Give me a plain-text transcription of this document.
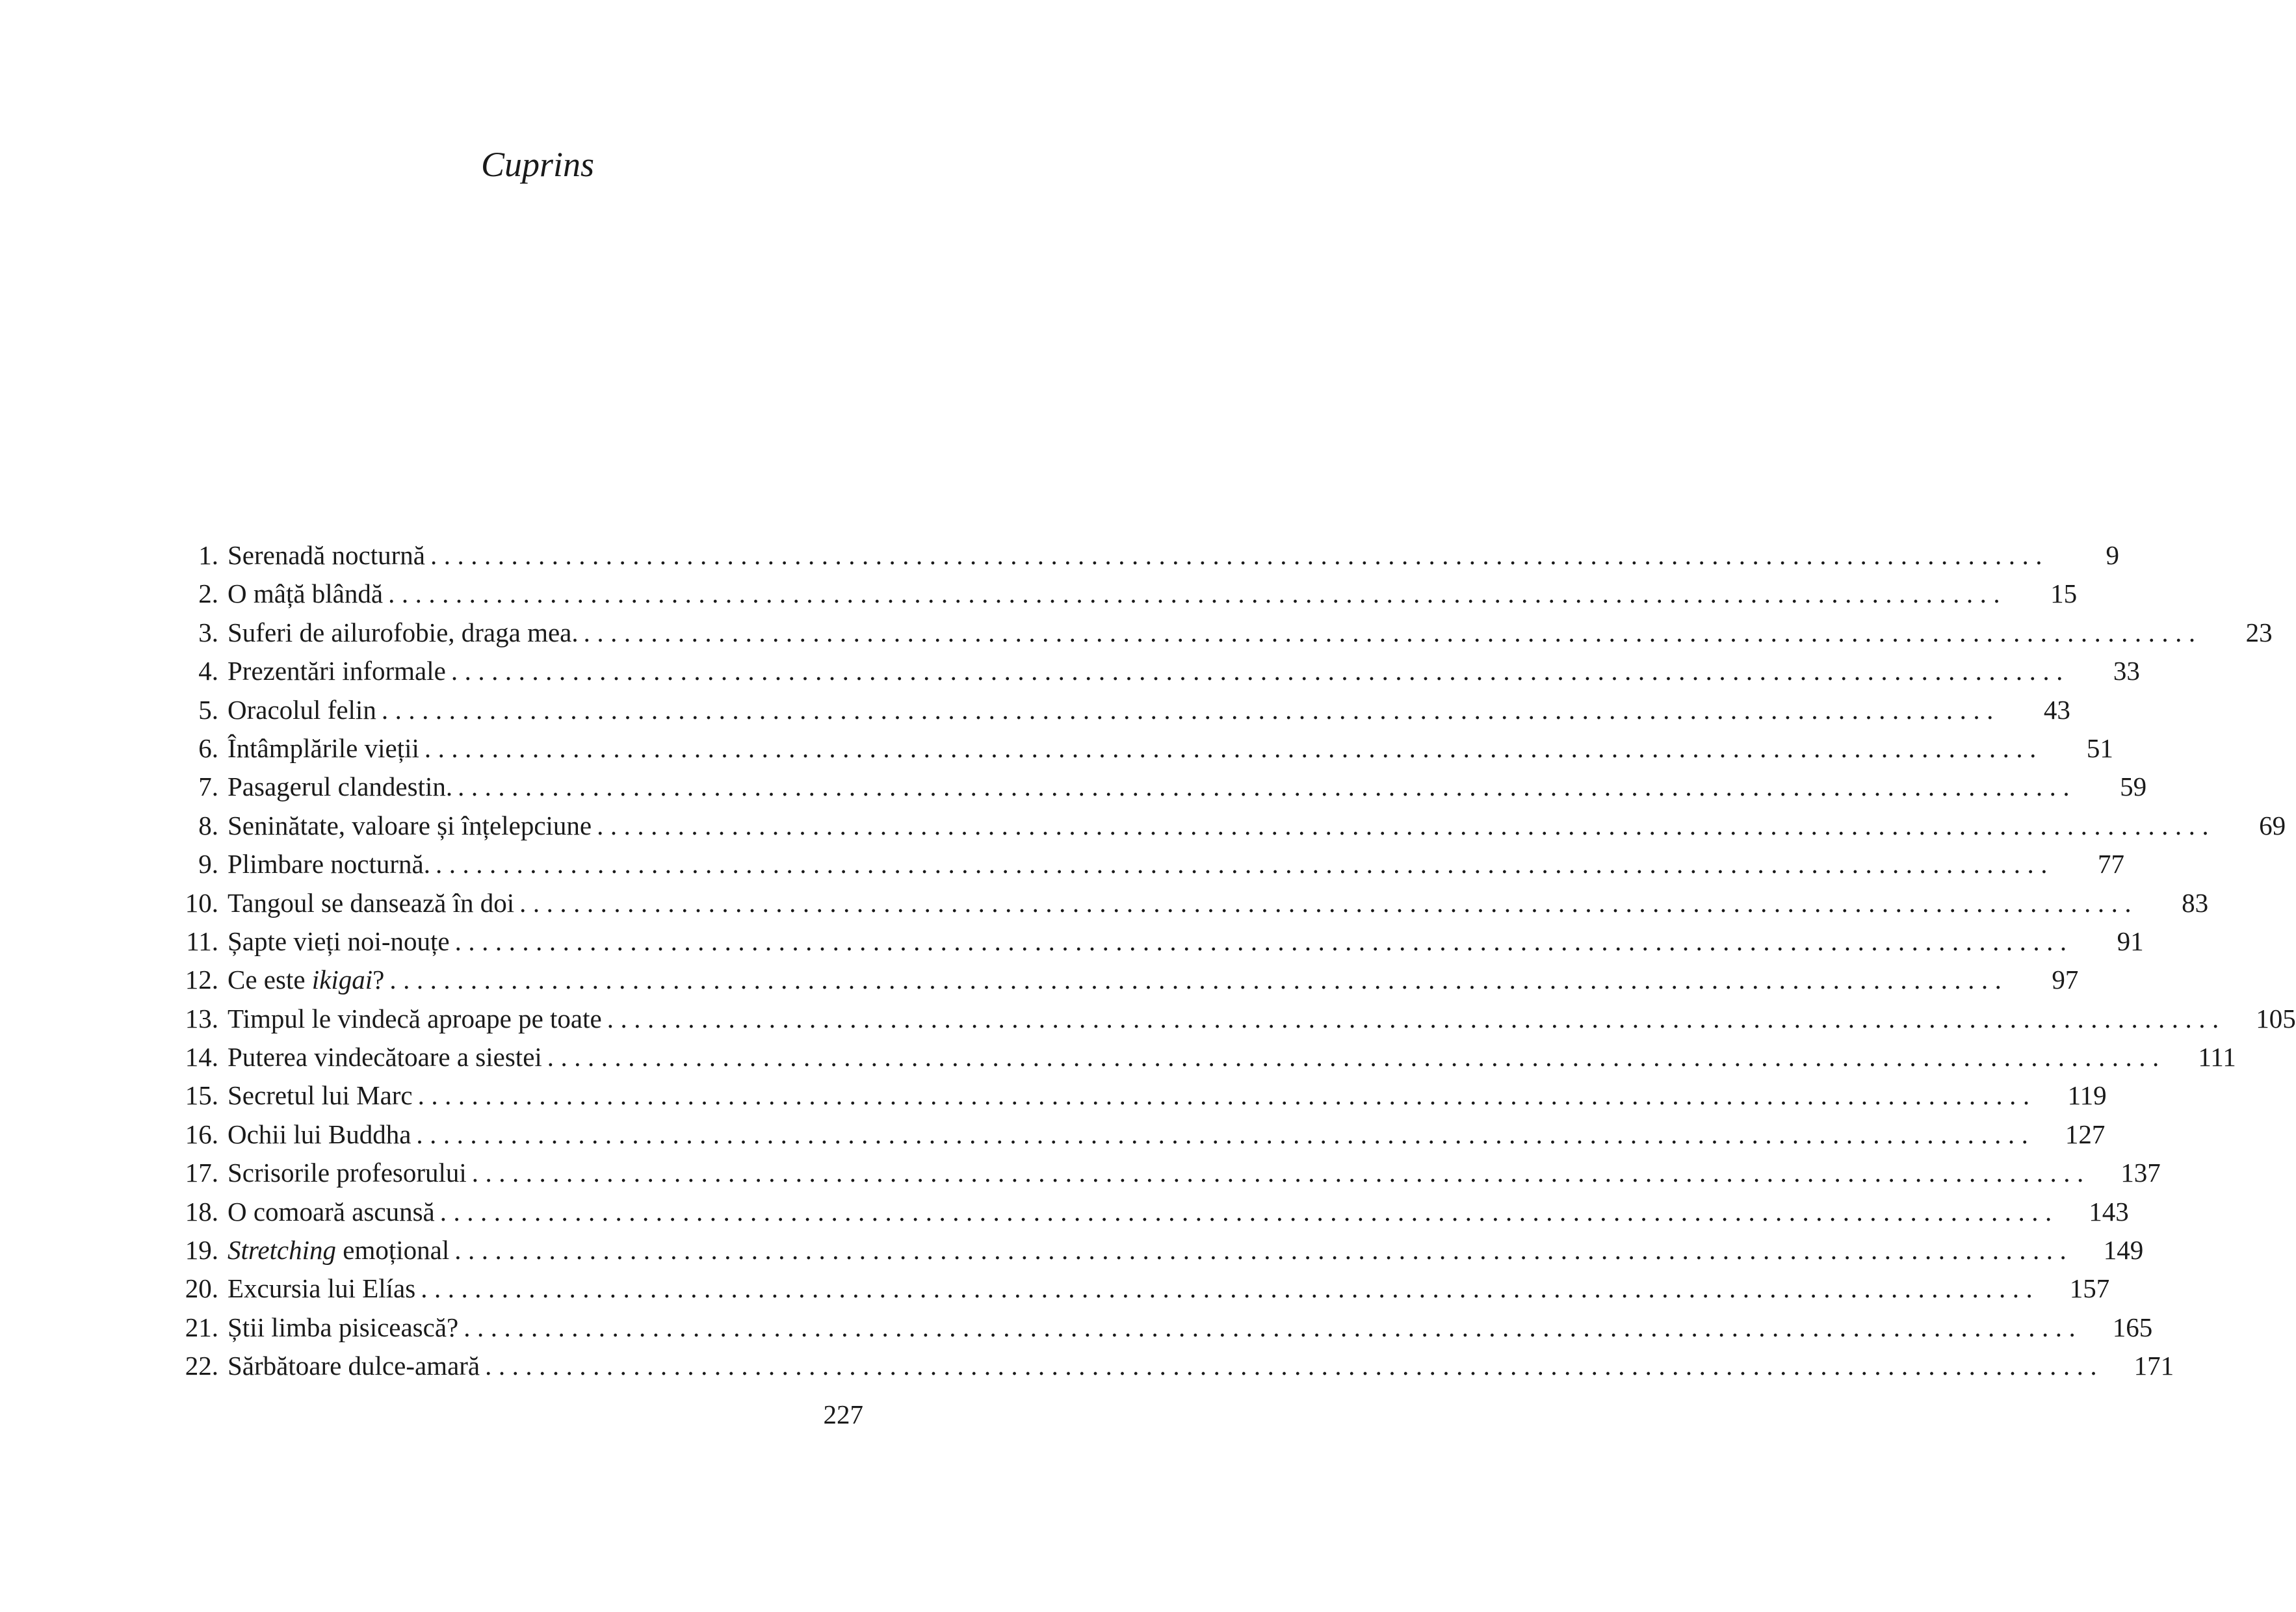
Cuprins
1. Serenadă nocturnă ........................................................................................................................	9
2. O mâță blândă ........................................................................................................................	15
3. Suferi de ailurofobie, draga mea. ........................................................................................................................	23
4. Prezentări informale ........................................................................................................................	33
5. Oracolul felin ........................................................................................................................	43
6. Întâmplările vieții ........................................................................................................................	51
7. Pasagerul clandestin. ........................................................................................................................	59
8. Seninătate, valoare și înțelepciune ........................................................................................................................	69
9. Plimbare nocturnă. ........................................................................................................................	77
10. Tangoul se dansează în doi ........................................................................................................................	83
11. Șapte vieți noi-nouțe ........................................................................................................................	91
12. Ce este ikigai? ........................................................................................................................	97
13. Timpul le vindecă aproape pe toate ........................................................................................................................	105
14. Puterea vindecătoare a siestei ........................................................................................................................	111
15. Secretul lui Marc ........................................................................................................................	119
16. Ochii lui Buddha ........................................................................................................................	127
17. Scrisorile profesorului ........................................................................................................................	137
18. O comoară ascunsă ........................................................................................................................	143
19. Stretching emoțional ........................................................................................................................	149
20. Excursia lui Elías ........................................................................................................................	157
21. Știi limba pisicească? ........................................................................................................................	165
22. Sărbătoare dulce-amară ........................................................................................................................	171
227
